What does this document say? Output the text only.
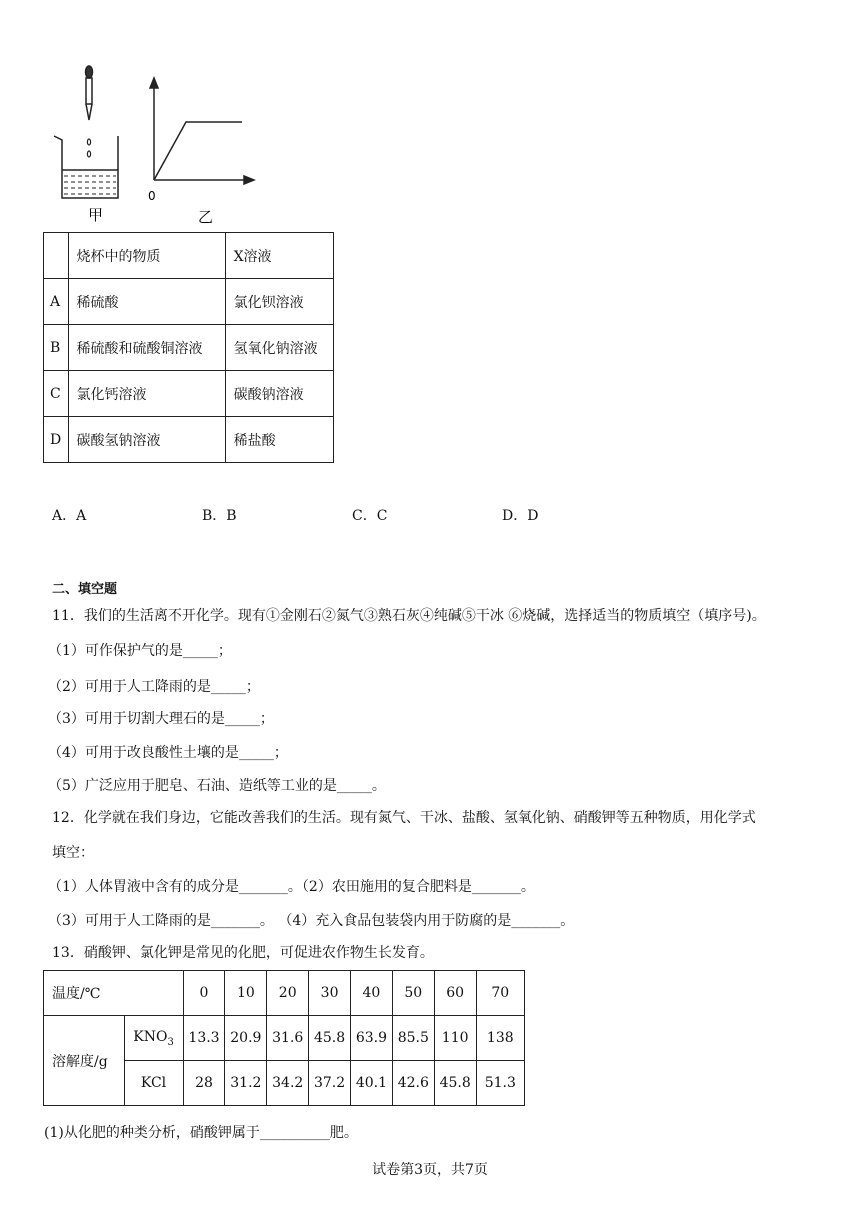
0
甲	乙
	烧杯中的物质	X溶液
A	稀硫酸	氯化钡溶液
B	稀硫酸和硫酸铜溶液	氢氧化钠溶液
C	氯化钙溶液	碳酸钠溶液
D	碳酸氢钠溶液	稀盐酸
A．A	B．B	C．C	D．D
二、填空题
11．我们的生活离不开化学。现有①金刚石②氮气③熟石灰④纯碱⑤干冰 ⑥烧碱，选择适当的物质填空（填序号)。
（1）可作保护气的是_____；
（2）可用于人工降雨的是_____；
（3）可用于切割大理石的是_____；
（4）可用于改良酸性土壤的是_____；
（5）广泛应用于肥皂、石油、造纸等工业的是_____。
12．化学就在我们身边，它能改善我们的生活。现有氮气、干冰、盐酸、氢氧化钠、硝酸钾等五种物质，用化学式
填空：
（1）人体胃液中含有的成分是_______。（2）农田施用的复合肥料是_______。
（3）可用于人工降雨的是_______。 （4）充入食品包装袋内用于防腐的是_______。
13．硝酸钾、氯化钾是常见的化肥，可促进农作物生长发育。
温度/℃		0	10	20	30	40	50	60	70
溶解度/g	$KNO_3$	13.3	20.9	31.6	45.8	63.9	85.5	110	138
	KCl	28	31.2	34.2	37.2	40.1	42.6	45.8	51.3
(1)从化肥的种类分析，硝酸钾属于__________肥。
试卷第3页，共7页
